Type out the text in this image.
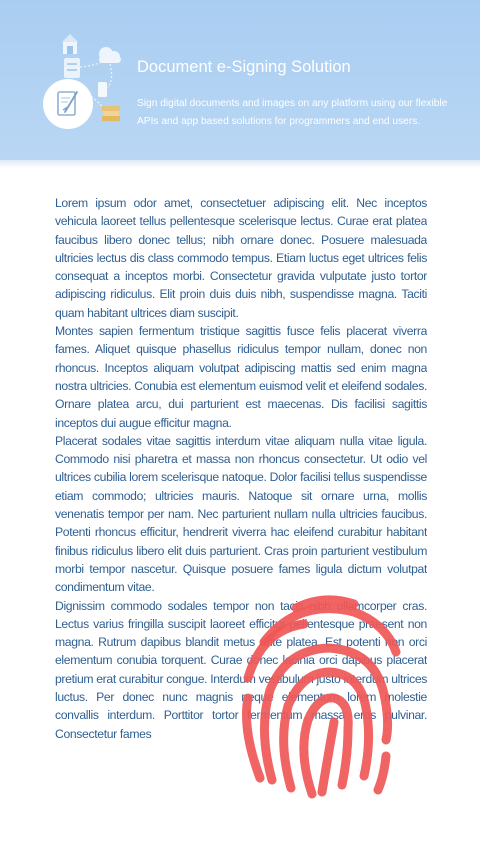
Document e-Signing Solution

Sign digital documents and images on any platform using our flexible APIs and app based solutions for programmers and end users.

Lorem ipsum odor amet, consectetuer adipiscing elit. Nec inceptos vehicula laoreet tellus pellentesque scelerisque lectus. Curae erat platea faucibus libero donec tellus; nibh ornare donec. Posuere malesuada ultricies lectus dis class commodo tempus. Etiam luctus eget ultrices felis consequat a inceptos morbi. Consectetur gravida vulputate justo tortor adipiscing ridiculus. Elit proin duis duis nibh, suspendisse magna. Taciti quam habitant ultrices diam suscipit.

Montes sapien fermentum tristique sagittis fusce felis placerat viverra fames. Aliquet quisque phasellus ridiculus tempor nullam, donec non rhoncus. Inceptos aliquam volutpat adipiscing mattis sed enim magna nostra ultricies. Conubia est elementum euismod velit et eleifend sodales. Ornare platea arcu, dui parturient est maecenas. Dis facilisi sagittis inceptos dui augue efficitur magna.

Placerat sodales vitae sagittis interdum vitae aliquam nulla vitae ligula. Commodo nisi pharetra et massa non rhoncus consectetur. Ut odio vel ultrices cubilia lorem scelerisque natoque. Dolor facilisi tellus suspendisse etiam commodo; ultricies mauris. Natoque sit ornare urna, mollis venenatis tempor per nam. Nec parturient nullam nulla ultricies faucibus. Potenti rhoncus efficitur, hendrerit viverra hac eleifend curabitur habitant finibus ridiculus libero elit duis parturient. Cras proin parturient vestibulum morbi tempor nascetur. Quisque posuere fames ligula dictum volutpat condimentum vitae.

Dignissim commodo sodales tempor non taciti nibh ullamcorper cras. Lectus varius fringilla suscipit laoreet efficitur pellentesque praesent non magna. Rutrum dapibus blandit metus ante platea. Est potenti non orci elementum conubia torquent. Curae donec lacinia orci dapibus placerat pretium erat curabitur congue. Interdum vestibulum justo interdum ultrices luctus. Per donec nunc magnis neque elementum lorem molestie convallis interdum. Porttitor tortor fermentum massa eros pulvinar. Consectetur fames
